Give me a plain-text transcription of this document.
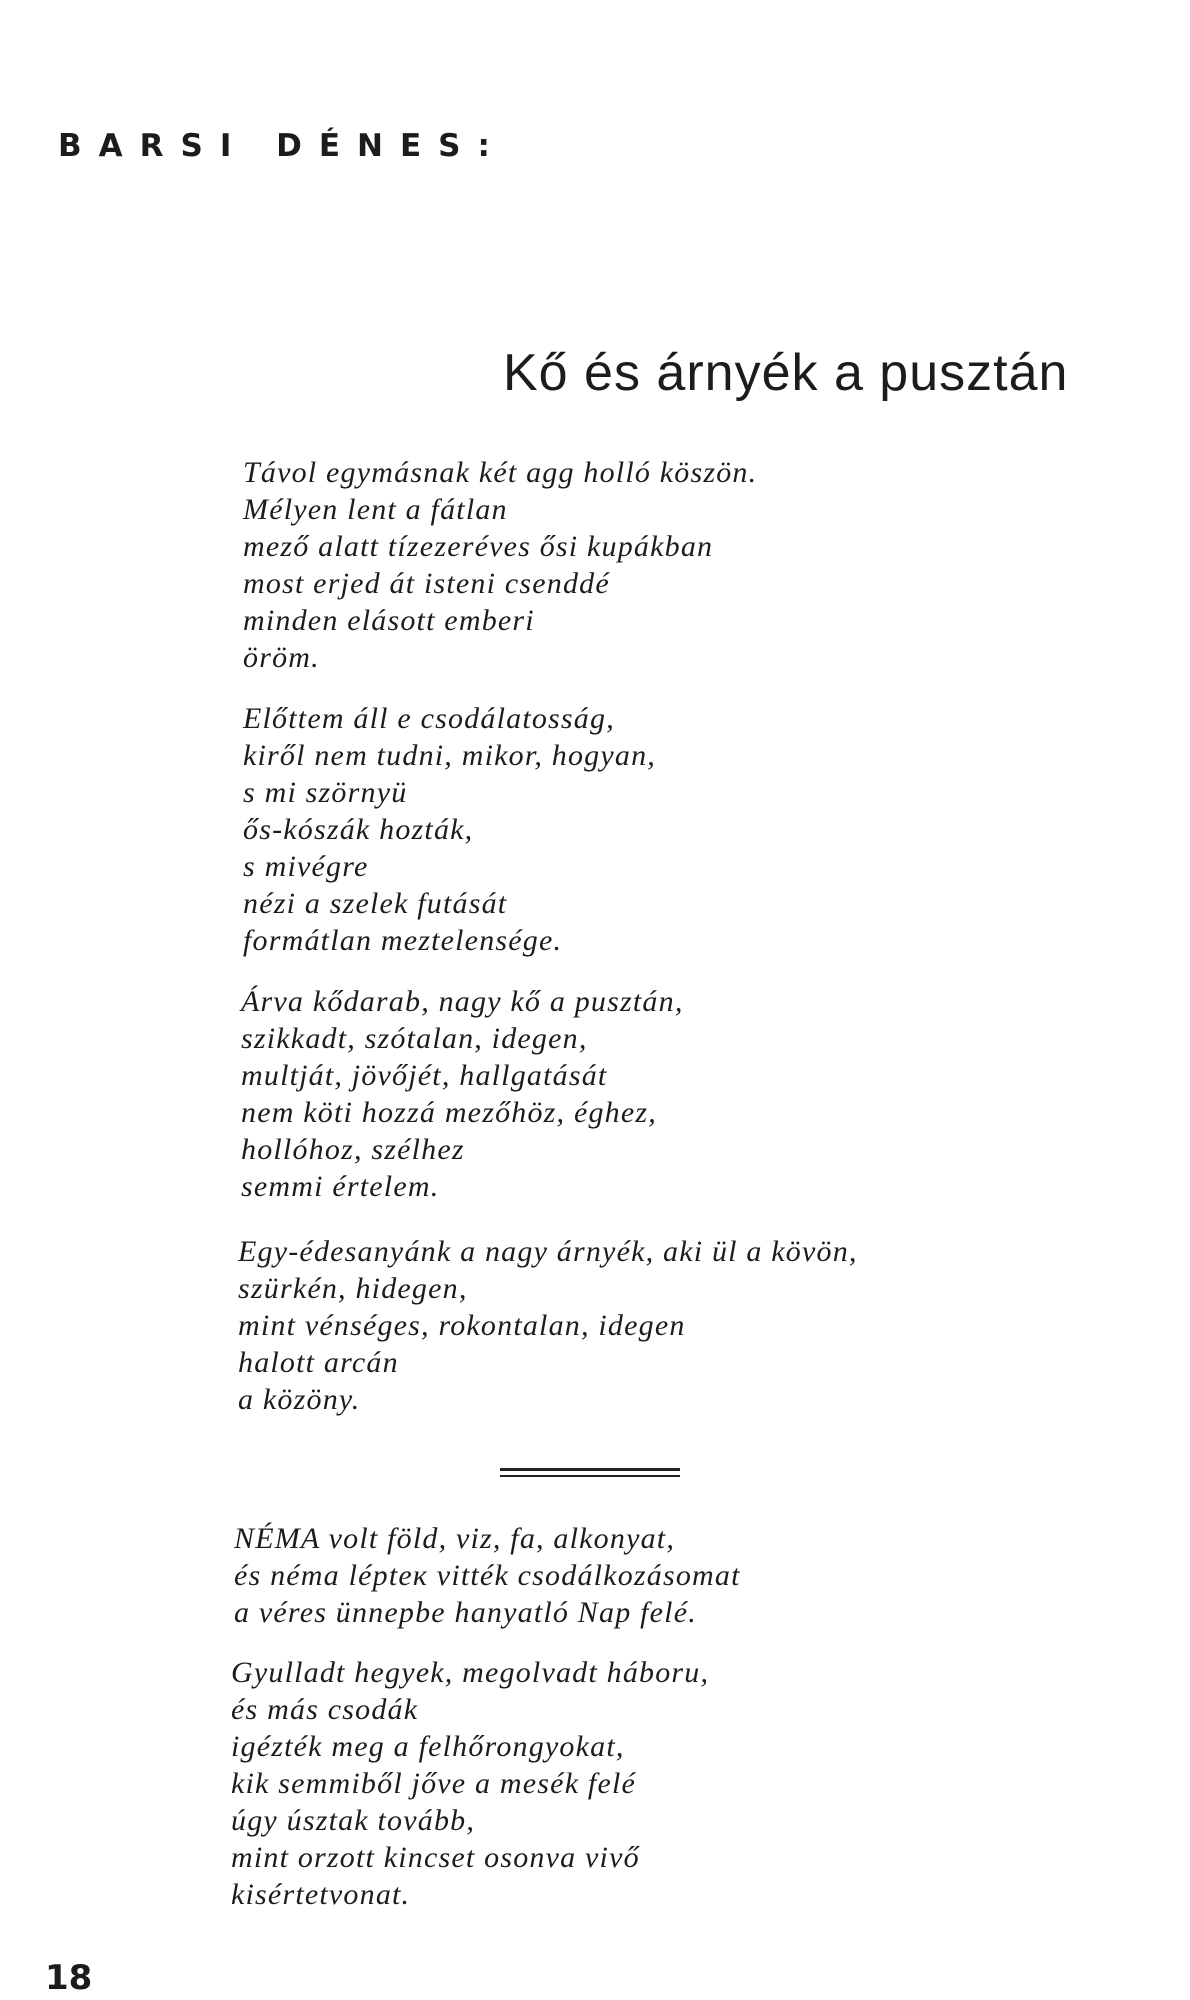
BARSI DÉNES:
Kő és árnyék a pusztán

Távol egymásnak két agg holló köszön.
Mélyen lent a fátlan
mező alatt tízezeréves ősi kupákban
most erjed át isteni csenddé
minden elásott emberi
öröm.

Előttem áll e csodálatosság,
kiről nem tudni, mikor, hogyan,
s mi szörnyü
ős-kószák hozták,
s mivégre
nézi a szelek futását
formátlan meztelensége.

Árva kődarab, nagy kő a pusztán,
szikkadt, szótalan, idegen,
multját, jövőjét, hallgatását
nem köti hozzá mezőhöz, éghez,
hollóhoz, szélhez
semmi értelem.

Egy-édesanyánk a nagy árnyék, aki ül a kövön,
szürkén, hidegen,
mint vénséges, rokontalan, idegen
halott arcán
a közöny.

NÉMA volt föld, viz, fa, alkonyat,
és néma lépteк vitték csodálkozásomat
a véres ünnepbe hanyatló Nap felé.

Gyulladt hegyek, megolvadt háboru,
és más csodák
igézték meg a felhőrongyokat,
kik semmiből jőve a mesék felé
úgy úsztak tovább,
mint orzott kincset osonva vivő
kisértetvonat.

18
